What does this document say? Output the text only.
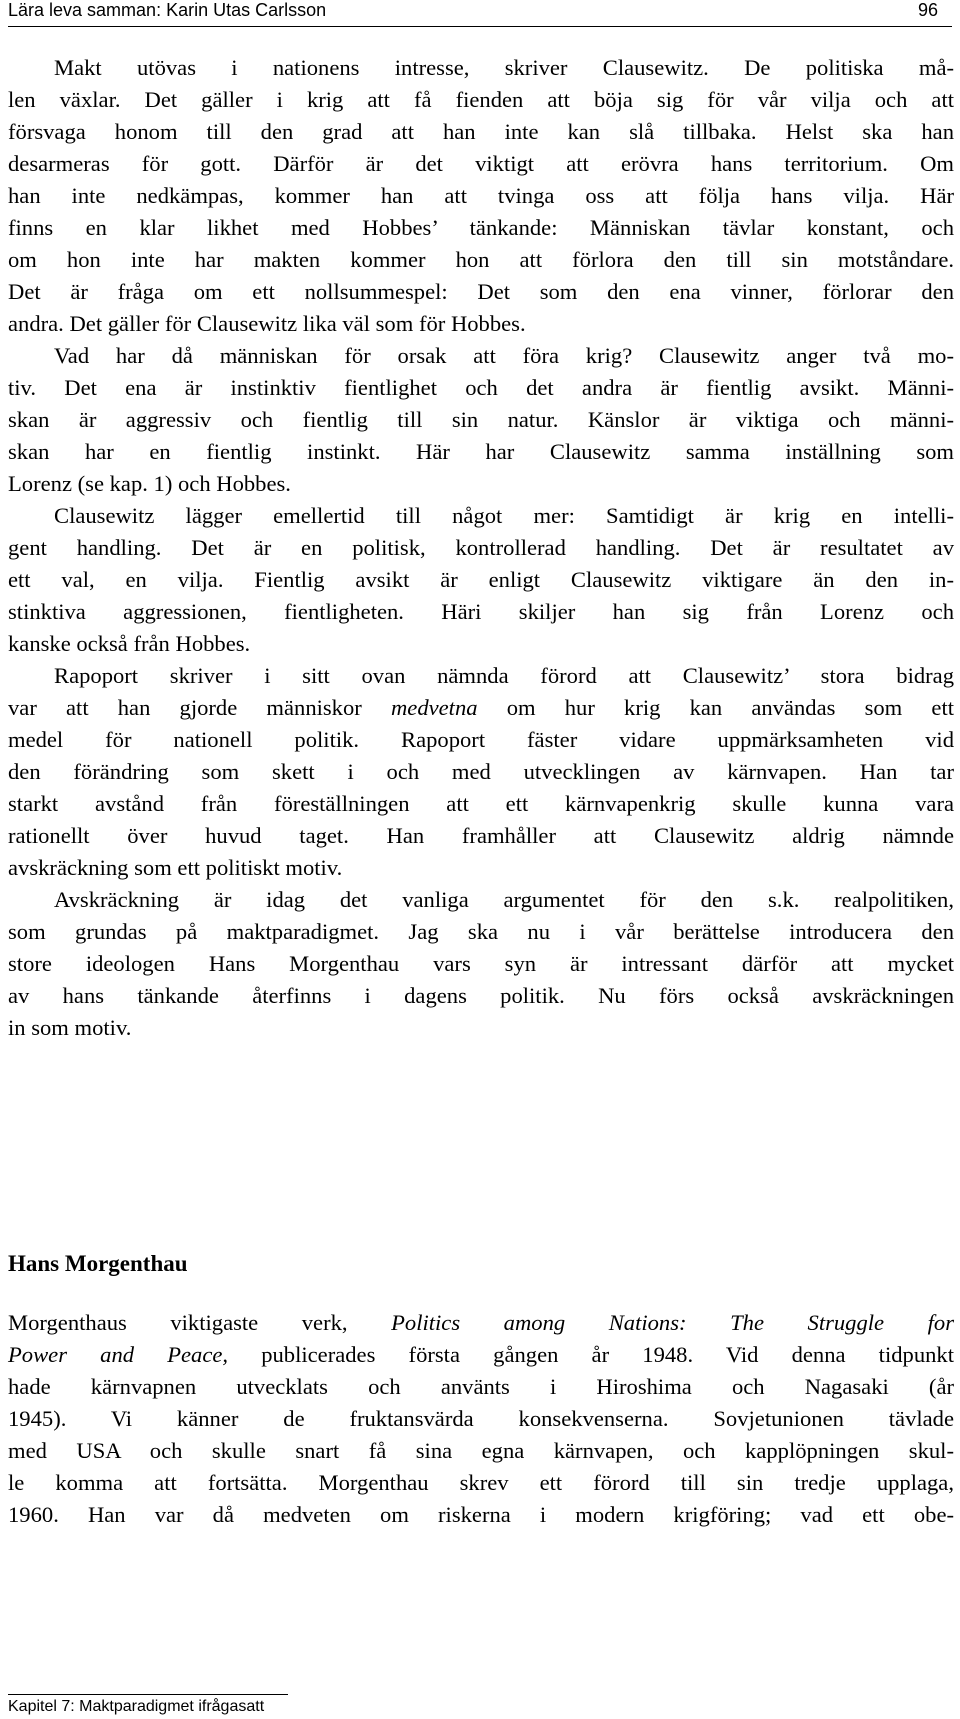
Lära leva samman: Karin Utas Carlsson	96
Makt utövas i nationens intresse, skriver Clausewitz. De politiska må-
len växlar. Det gäller i krig att få fienden att böja sig för vår vilja och att
försvaga honom till den grad att han inte kan slå tillbaka. Helst ska han
desarmeras för gott. Därför är det viktigt att erövra hans territorium. Om
han inte nedkämpas, kommer han att tvinga oss att följa hans vilja. Här
finns en klar likhet med Hobbes’ tänkande: Människan tävlar konstant, och
om hon inte har makten kommer hon att förlora den till sin motståndare.
Det är fråga om ett nollsummespel: Det som den ena vinner, förlorar den
andra. Det gäller för Clausewitz lika väl som för Hobbes.
Vad har då människan för orsak att föra krig? Clausewitz anger två mo-
tiv. Det ena är instinktiv fientlighet och det andra är fientlig avsikt. Männi-
skan är aggressiv och fientlig till sin natur. Känslor är viktiga och männi-
skan har en fientlig instinkt. Här har Clausewitz samma inställning som
Lorenz (se kap. 1) och Hobbes.
Clausewitz lägger emellertid till något mer: Samtidigt är krig en intelli-
gent handling. Det är en politisk, kontrollerad handling. Det är resultatet av
ett val, en vilja. Fientlig avsikt är enligt Clausewitz viktigare än den in-
stinktiva aggressionen, fientligheten. Häri skiljer han sig från Lorenz och
kanske också från Hobbes.
Rapoport skriver i sitt ovan nämnda förord att Clausewitz’ stora bidrag
var att han gjorde människor medvetna om hur krig kan användas som ett
medel för nationell politik. Rapoport fäster vidare uppmärksamheten vid
den förändring som skett i och med utvecklingen av kärnvapen. Han tar
starkt avstånd från föreställningen att ett kärnvapenkrig skulle kunna vara
rationellt över huvud taget. Han framhåller att Clausewitz aldrig nämnde
avskräckning som ett politiskt motiv.
Avskräckning är idag det vanliga argumentet för den s.k. realpolitiken,
som grundas på maktparadigmet. Jag ska nu i vår berättelse introducera den
store ideologen Hans Morgenthau vars syn är intressant därför att mycket
av hans tänkande återfinns i dagens politik. Nu förs också avskräckningen
in som motiv.
Hans Morgenthau
Morgenthaus viktigaste verk, Politics among Nations: The Struggle for
Power and Peace, publicerades första gången år 1948. Vid denna tidpunkt
hade kärnvapnen utvecklats och använts i Hiroshima och Nagasaki (år
1945). Vi känner de fruktansvärda konsekvenserna. Sovjetunionen tävlade
med USA och skulle snart få sina egna kärnvapen, och kapplöpningen skul-
le komma att fortsätta. Morgenthau skrev ett förord till sin tredje upplaga,
1960. Han var då medveten om riskerna i modern krigföring; vad ett obe-
Kapitel 7: Maktparadigmet ifrågasatt
